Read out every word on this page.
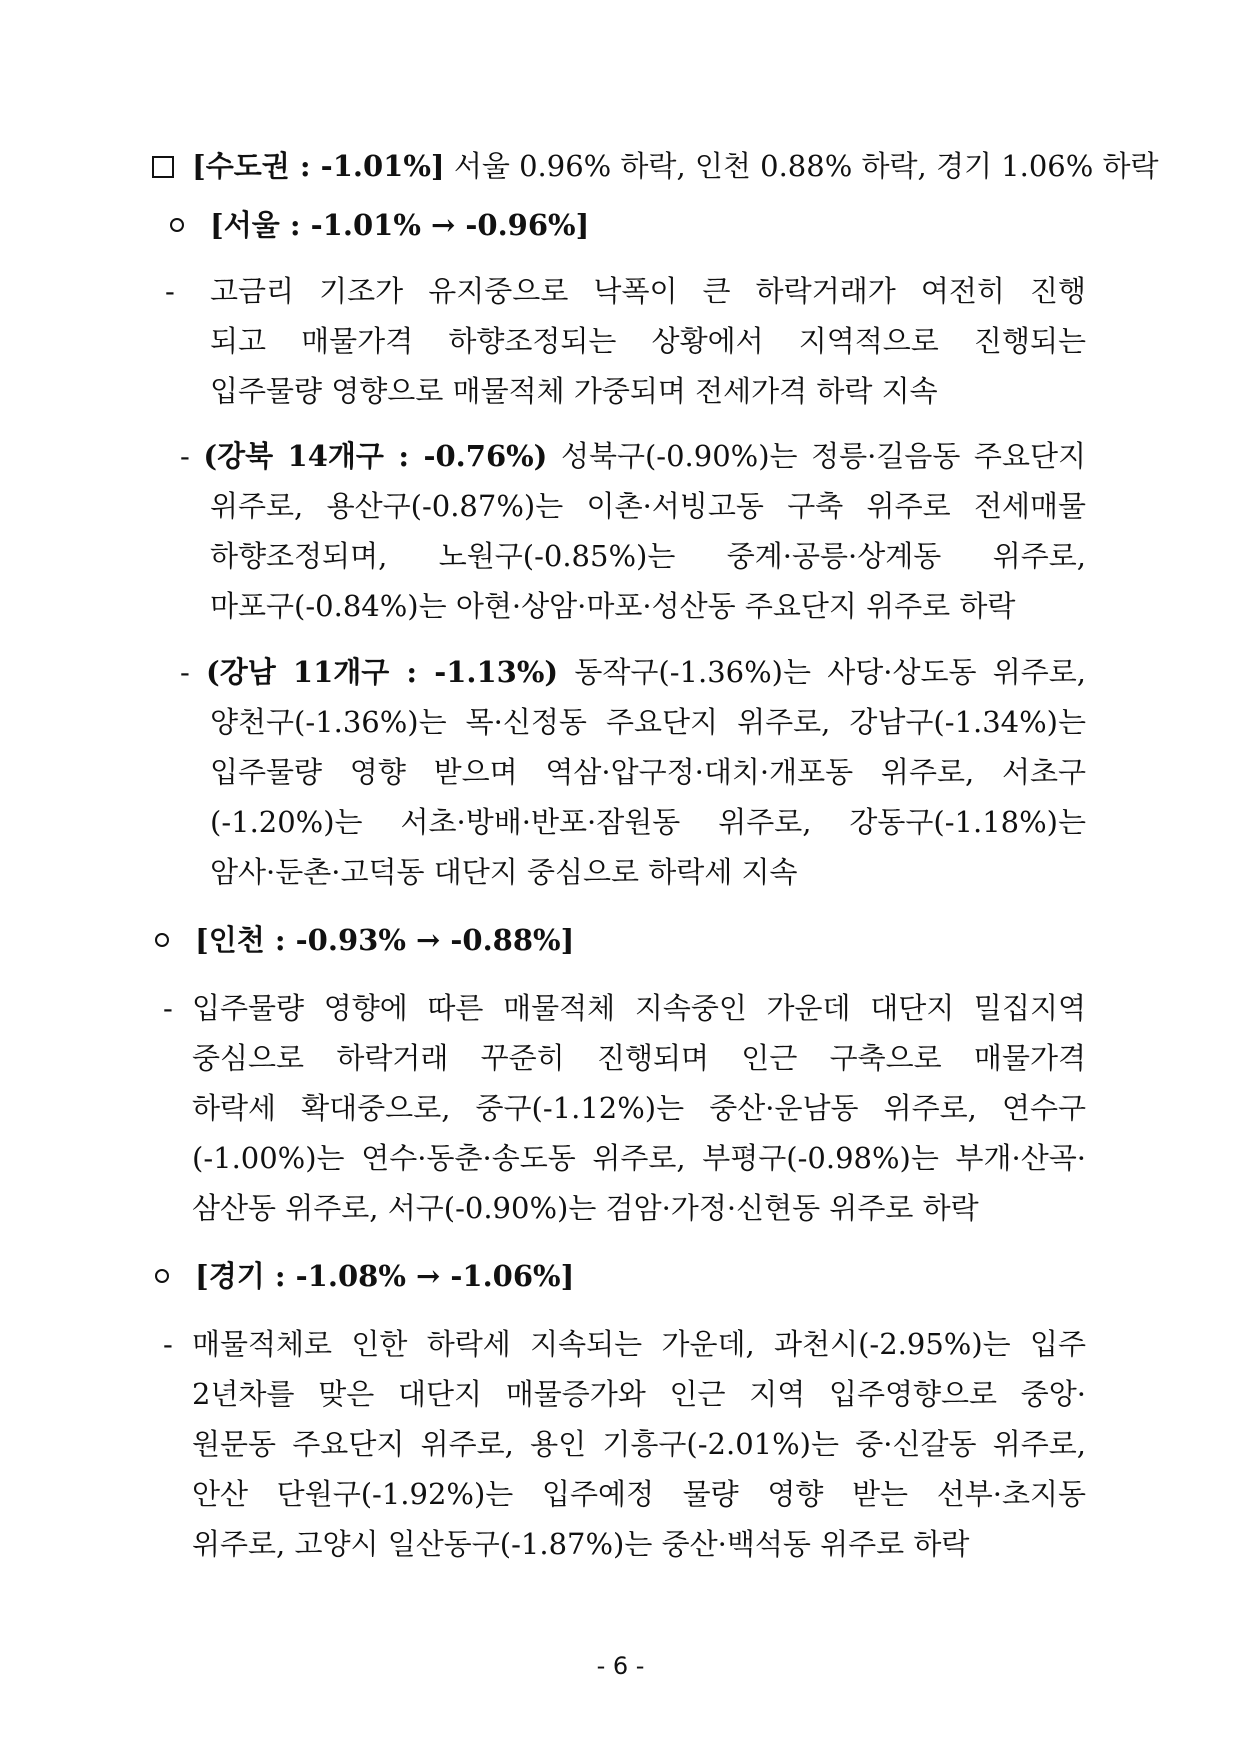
[수도권 : -1.01%] 서울 0.96% 하락, 인천 0.88% 하락, 경기 1.06% 하락
[서울 : -1.01% → -0.96%]
- 고금리 기조가 유지중으로 낙폭이 큰 하락거래가 여전히 진행
되고 매물가격 하향조정되는 상황에서 지역적으로 진행되는
입주물량 영향으로 매물적체 가중되며 전세가격 하락 지속
- (강북 14개구 : -0.76%) 성북구(-0.90%)는 정릉·길음동 주요단지
위주로, 용산구(-0.87%)는 이촌·서빙고동 구축 위주로 전세매물
하향조정되며, 노원구(-0.85%)는 중계·공릉·상계동 위주로,
마포구(-0.84%)는 아현·상암·마포·성산동 주요단지 위주로 하락
- (강남 11개구 : -1.13%) 동작구(-1.36%)는 사당·상도동 위주로,
양천구(-1.36%)는 목·신정동 주요단지 위주로, 강남구(-1.34%)는
입주물량 영향 받으며 역삼·압구정·대치·개포동 위주로, 서초구
(-1.20%)는 서초·방배·반포·잠원동 위주로, 강동구(-1.18%)는
암사·둔촌·고덕동 대단지 중심으로 하락세 지속
[인천 : -0.93% → -0.88%]
- 입주물량 영향에 따른 매물적체 지속중인 가운데 대단지 밀집지역
중심으로 하락거래 꾸준히 진행되며 인근 구축으로 매물가격
하락세 확대중으로, 중구(-1.12%)는 중산·운남동 위주로, 연수구
(-1.00%)는 연수·동춘·송도동 위주로, 부평구(-0.98%)는 부개·산곡·
삼산동 위주로, 서구(-0.90%)는 검암·가정·신현동 위주로 하락
[경기 : -1.08% → -1.06%]
- 매물적체로 인한 하락세 지속되는 가운데, 과천시(-2.95%)는 입주
2년차를 맞은 대단지 매물증가와 인근 지역 입주영향으로 중앙·
원문동 주요단지 위주로, 용인 기흥구(-2.01%)는 중·신갈동 위주로,
안산 단원구(-1.92%)는 입주예정 물량 영향 받는 선부·초지동
위주로, 고양시 일산동구(-1.87%)는 중산·백석동 위주로 하락
- 6 -
